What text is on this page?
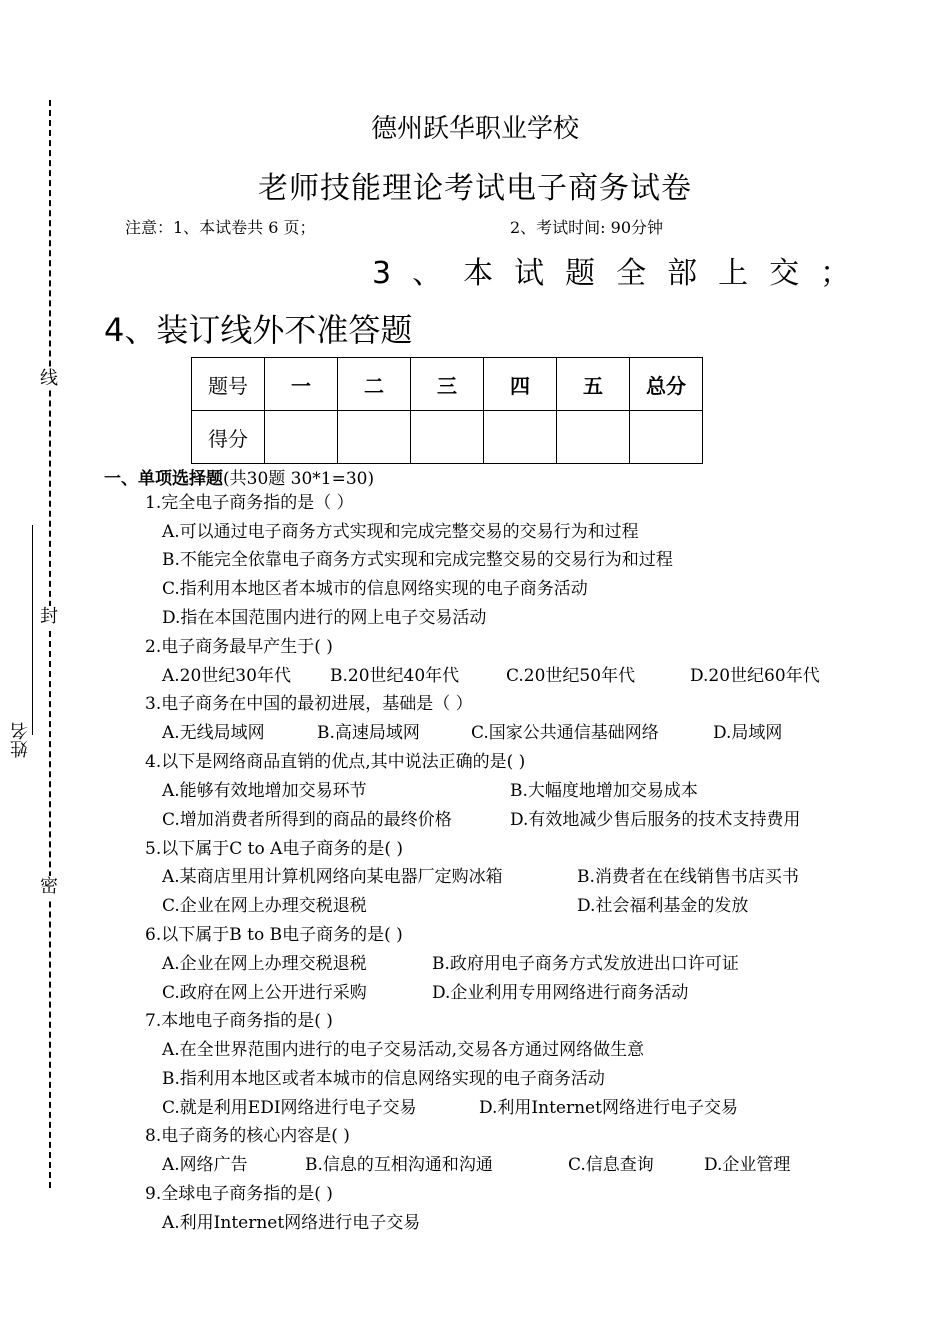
线
封
密
姓名
德州跃华职业学校
老师技能理论考试电子商务试卷
注意：1、本试卷共 6 页；	2、考试时间: 90分钟
3、本试题全部上交；
4、装订线外不准答题
题号	一	二	三	四	五	总分
得分						
一、单项选择题(共30题 30*1=30)
1.完全电子商务指的是（ ）
A.可以通过电子商务方式实现和完成完整交易的交易行为和过程
B.不能完全依靠电子商务方式实现和完成完整交易的交易行为和过程
C.指利用本地区者本城市的信息网络实现的电子商务活动
D.指在本国范围内进行的网上电子交易活动
2.电子商务最早产生于( )
A.20世纪30年代 B.20世纪40年代	C.20世纪50年代	D.20世纪60年代
3.电子商务在中国的最初进展，基础是（ ）
A.无线局域网	B.高速局域网	C.国家公共通信基础网络	D.局域网
4.以下是网络商品直销的优点,其中说法正确的是( )
A.能够有效地增加交易环节	B.大幅度地增加交易成本
C.增加消费者所得到的商品的最终价格	D.有效地减少售后服务的技术支持费用
5.以下属于C to A电子商务的是( )
A.某商店里用计算机网络向某电器厂定购冰箱	B.消费者在在线销售书店买书
C.企业在网上办理交税退税	D.社会福利基金的发放
6.以下属于B to B电子商务的是( )
A.企业在网上办理交税退税	B.政府用电子商务方式发放进出口许可证
C.政府在网上公开进行采购	D.企业利用专用网络进行商务活动
7.本地电子商务指的是( )
A.在全世界范围内进行的电子交易活动,交易各方通过网络做生意
B.指利用本地区或者本城市的信息网络实现的电子商务活动
C.就是利用EDI网络进行电子交易	D.利用Internet网络进行电子交易
8.电子商务的核心内容是( )
A.网络广告	B.信息的互相沟通和沟通	C.信息查询	D.企业管理
9.全球电子商务指的是( )
A.利用Internet网络进行电子交易
